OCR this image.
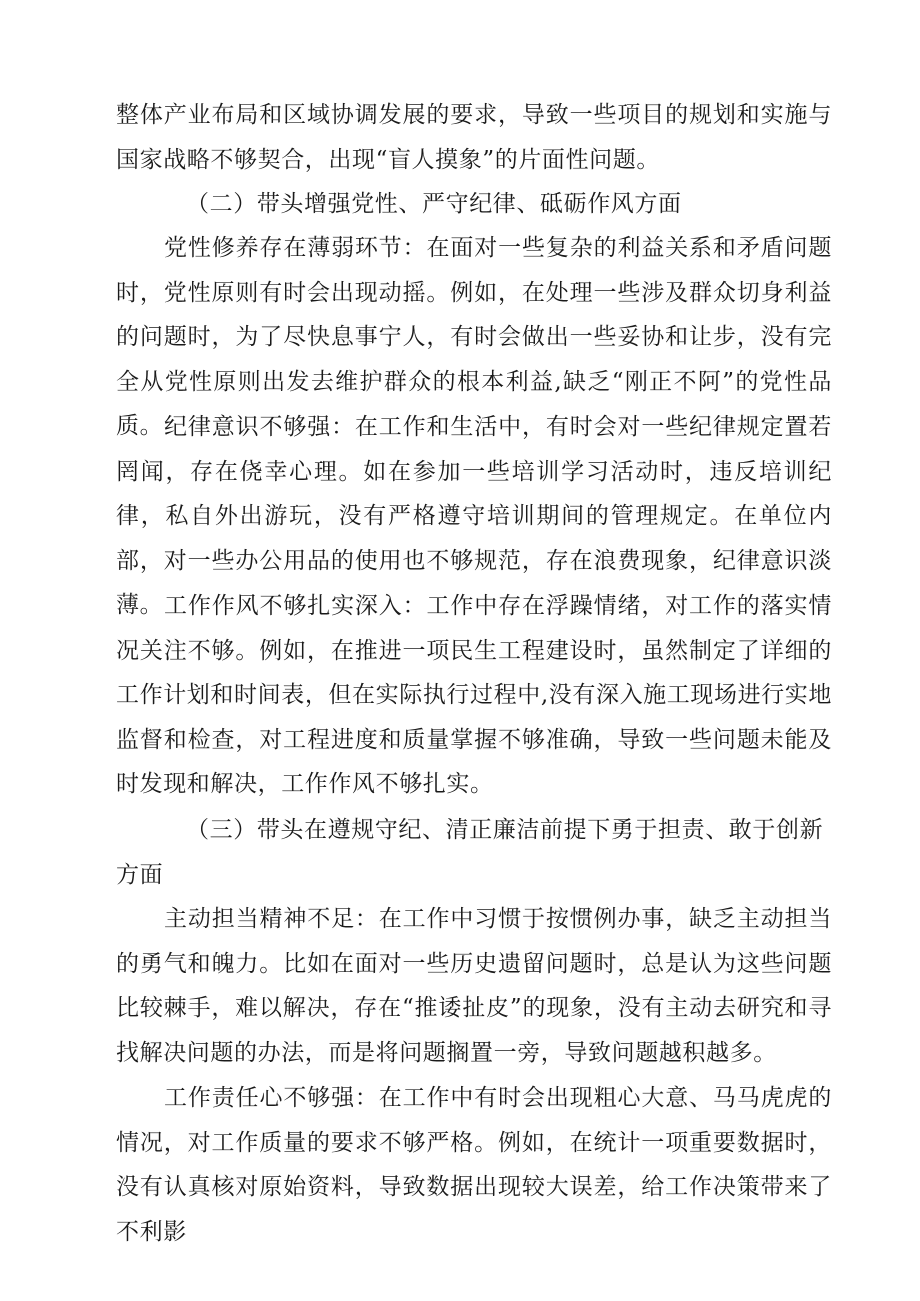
整体产业布局和区域协调发展的要求，导致一些项目的规划和实施与国家战略不够契合，出现“盲人摸象”的片面性问题。

（二）带头增强党性、严守纪律、砥砺作风方面

党性修养存在薄弱环节：在面对一些复杂的利益关系和矛盾问题时，党性原则有时会出现动摇。例如，在处理一些涉及群众切身利益的问题时，为了尽快息事宁人，有时会做出一些妥协和让步，没有完全从党性原则出发去维护群众的根本利益,缺乏“刚正不阿”的党性品质。 纪律意识不够强：在工作和生活中，有时会对一些纪律规定置若罔闻，存在侥幸心理。如在参加一些培训学习活动时，违反培训纪律，私自外出游玩，没有严格遵守培训期间的管理规定。在单位内部，对一些办公用品的使用也不够规范，存在浪费现象，纪律意识淡薄。 工作作风不够扎实深入：工作中存在浮躁情绪，对工作的落实情况关注不够。例如，在推进一项民生工程建设时，虽然制定了详细的工作计划和时间表，但在实际执行过程中,没有深入施工现场进行实地监督和检查，对工程进度和质量掌握不够准确，导致一些问题未能及时发现和解决，工作作风不够扎实。

（三）带头在遵规守纪、清正廉洁前提下勇于担责、敢于创新方面

主动担当精神不足：在工作中习惯于按惯例办事，缺乏主动担当的勇气和魄力。比如在面对一些历史遗留问题时，总是认为这些问题比较棘手，难以解决，存在“推诿扯皮”的现象，没有主动去研究和寻找解决问题的办法，而是将问题搁置一旁，导致问题越积越多。

工作责任心不够强：在工作中有时会出现粗心大意、马马虎虎的情况，对工作质量的要求不够严格。例如，在统计一项重要数据时，没有认真核对原始资料，导致数据出现较大误差，给工作决策带来了不利影
